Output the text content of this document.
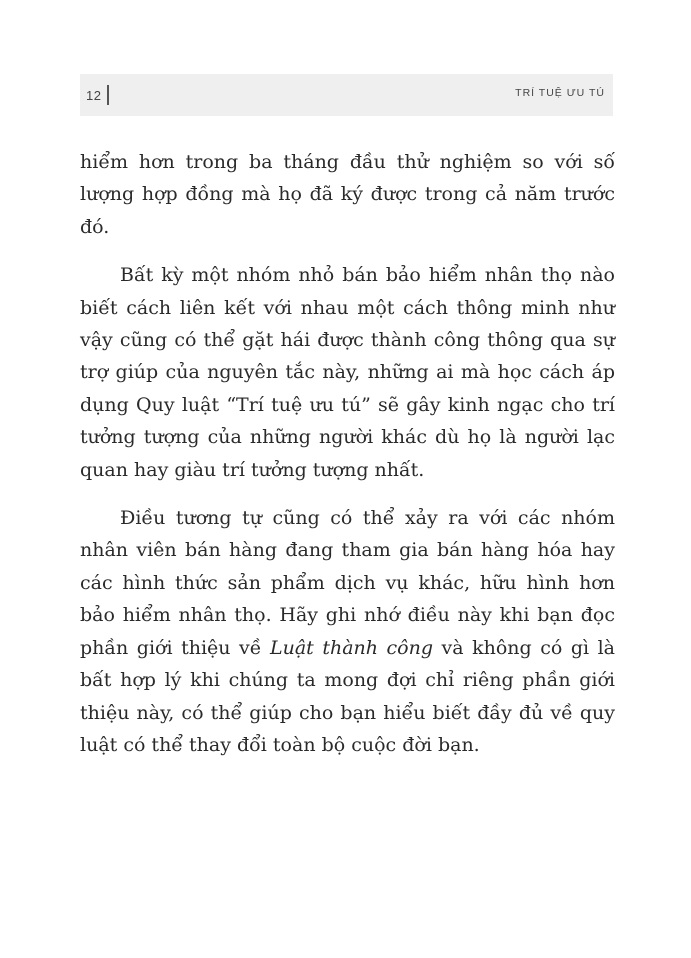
12	TRÍ TUỆ ƯU TÚ

hiểm hơn trong ba tháng đầu thử nghiệm so với số lượng hợp đồng mà họ đã ký được trong cả năm trước đó.

Bất kỳ một nhóm nhỏ bán bảo hiểm nhân thọ nào biết cách liên kết với nhau một cách thông minh như vậy cũng có thể gặt hái được thành công thông qua sự trợ giúp của nguyên tắc này, những ai mà học cách áp dụng Quy luật “Trí tuệ ưu tú” sẽ gây kinh ngạc cho trí tưởng tượng của những người khác dù họ là người lạc quan hay giàu trí tưởng tượng nhất.

Điều tương tự cũng có thể xảy ra với các nhóm nhân viên bán hàng đang tham gia bán hàng hóa hay các hình thức sản phẩm dịch vụ khác, hữu hình hơn bảo hiểm nhân thọ. Hãy ghi nhớ điều này khi bạn đọc phần giới thiệu về Luật thành công và không có gì là bất hợp lý khi chúng ta mong đợi chỉ riêng phần giới thiệu này, có thể giúp cho bạn hiểu biết đầy đủ về quy luật có thể thay đổi toàn bộ cuộc đời bạn.
